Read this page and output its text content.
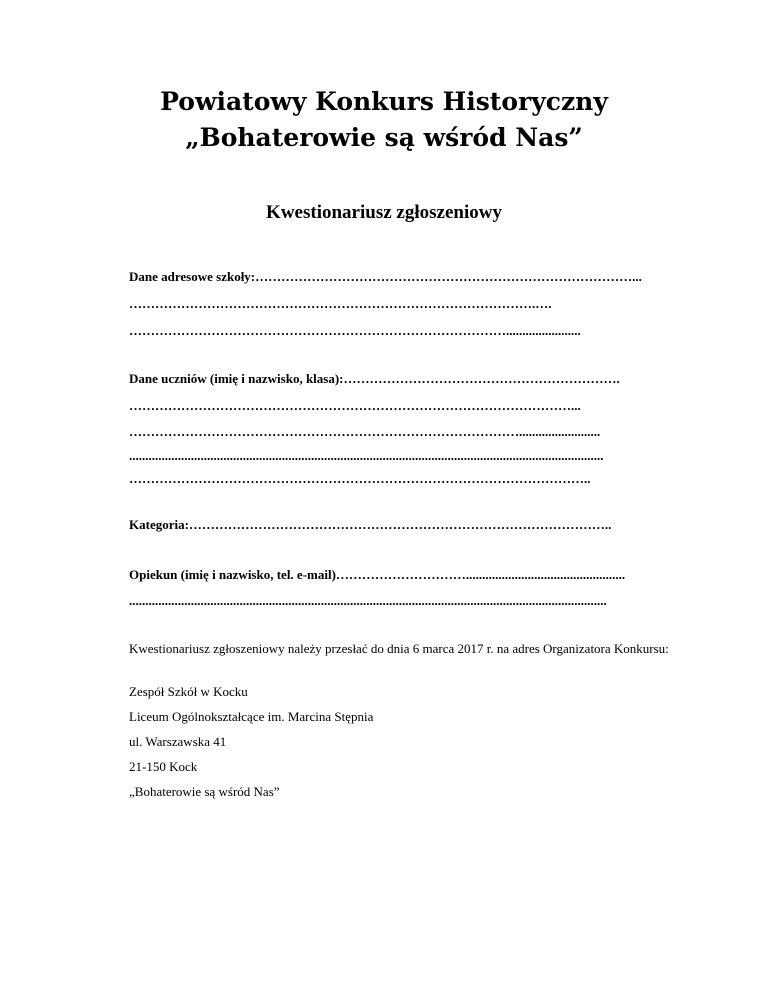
Powiatowy Konkurs Historyczny
„Bohaterowie są wśród Nas”
Kwestionariusz zgłoszeniowy
Dane adresowe szkoły:……………………………………………………………………………...
………………………………………………………………………………….….
…………………………………………………………………………….......................
Dane uczniów (imię i nazwisko, klasa):……………………………………………………….
…………………………………………………………………………………………...
……………………………………………………………………………….........................
..................................................................................................................................................
……………………………………………………………………………………………..
Kategoria:……………………………………………………………………………………..
Opiekun (imię i nazwisko, tel. e-mail)………………………….................................................
...................................................................................................................................................
Kwestionariusz zgłoszeniowy należy przesłać do dnia 6 marca 2017 r. na adres Organizatora Konkursu:
Zespół Szkół w Kocku
Liceum Ogólnokształcące im. Marcina Stępnia
ul. Warszawska 41
21-150 Kock
„Bohaterowie są wśród Nas”
